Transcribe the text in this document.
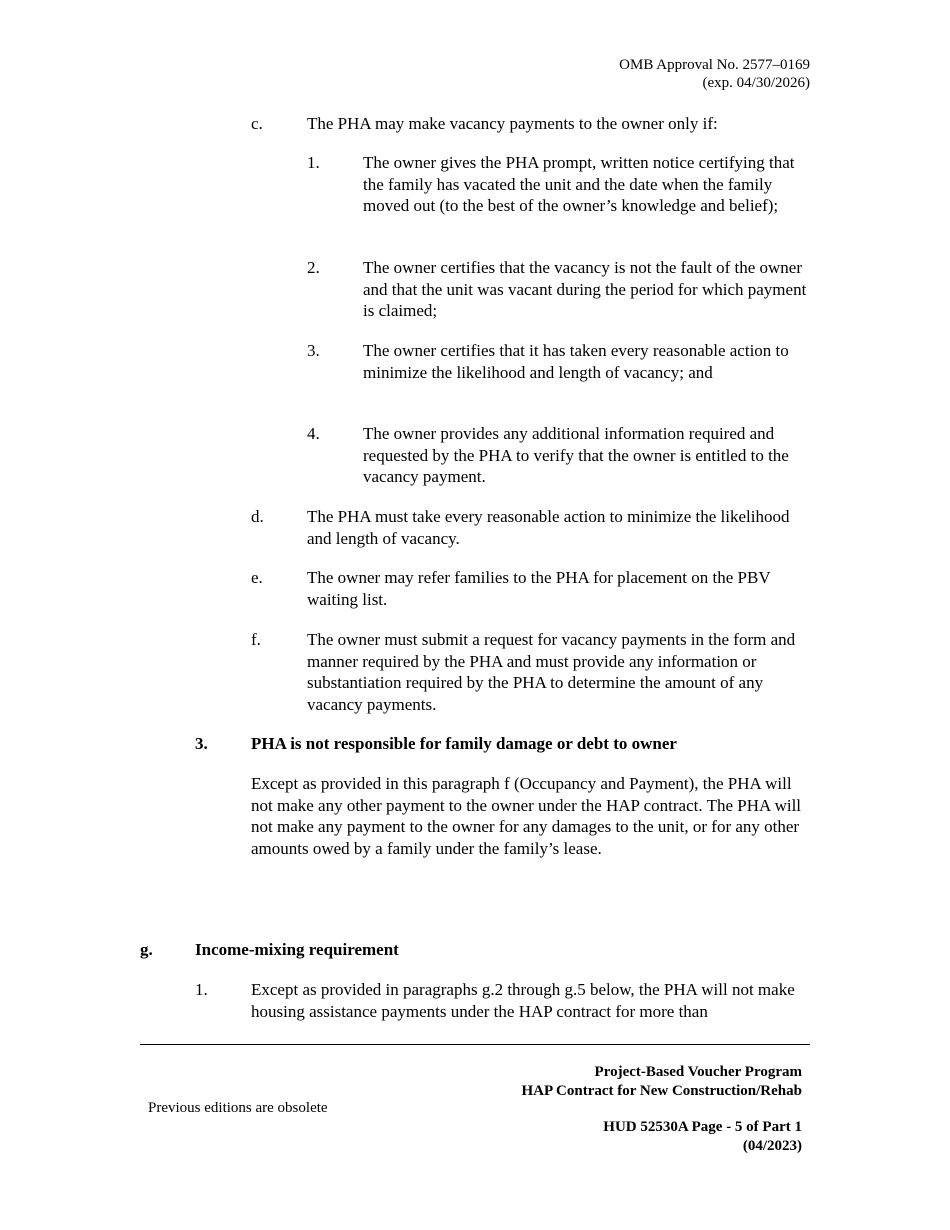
OMB Approval No. 2577–0169
(exp. 04/30/2026)
c.	The PHA may make vacancy payments to the owner only if:
1.	The owner gives the PHA prompt, written notice certifying that the family has vacated the unit and the date when the family moved out (to the best of the owner’s knowledge and belief);
2.	The owner certifies that the vacancy is not the fault of the owner and that the unit was vacant during the period for which payment is claimed;
3.	The owner certifies that it has taken every reasonable action to minimize the likelihood and length of vacancy; and
4.	The owner provides any additional information required and requested by the PHA to verify that the owner is entitled to the vacancy payment.
d.	The PHA must take every reasonable action to minimize the likelihood and length of vacancy.
e.	The owner may refer families to the PHA for placement on the PBV waiting list.
f.	The owner must submit a request for vacancy payments in the form and manner required by the PHA and must provide any information or substantiation required by the PHA to determine the amount of any vacancy payments.
3.	PHA is not responsible for family damage or debt to owner
Except as provided in this paragraph f (Occupancy and Payment), the PHA will not make any other payment to the owner under the HAP contract. The PHA will not make any payment to the owner for any damages to the unit, or for any other amounts owed by a family under the family’s lease.
g. Income-mixing requirement
1.	Except as provided in paragraphs g.2 through g.5 below, the PHA will not make housing assistance payments under the HAP contract for more than
Project-Based Voucher Program
HAP Contract for New Construction/Rehab
HUD 52530A Page - 5 of Part 1
(04/2023)
Previous editions are obsolete
